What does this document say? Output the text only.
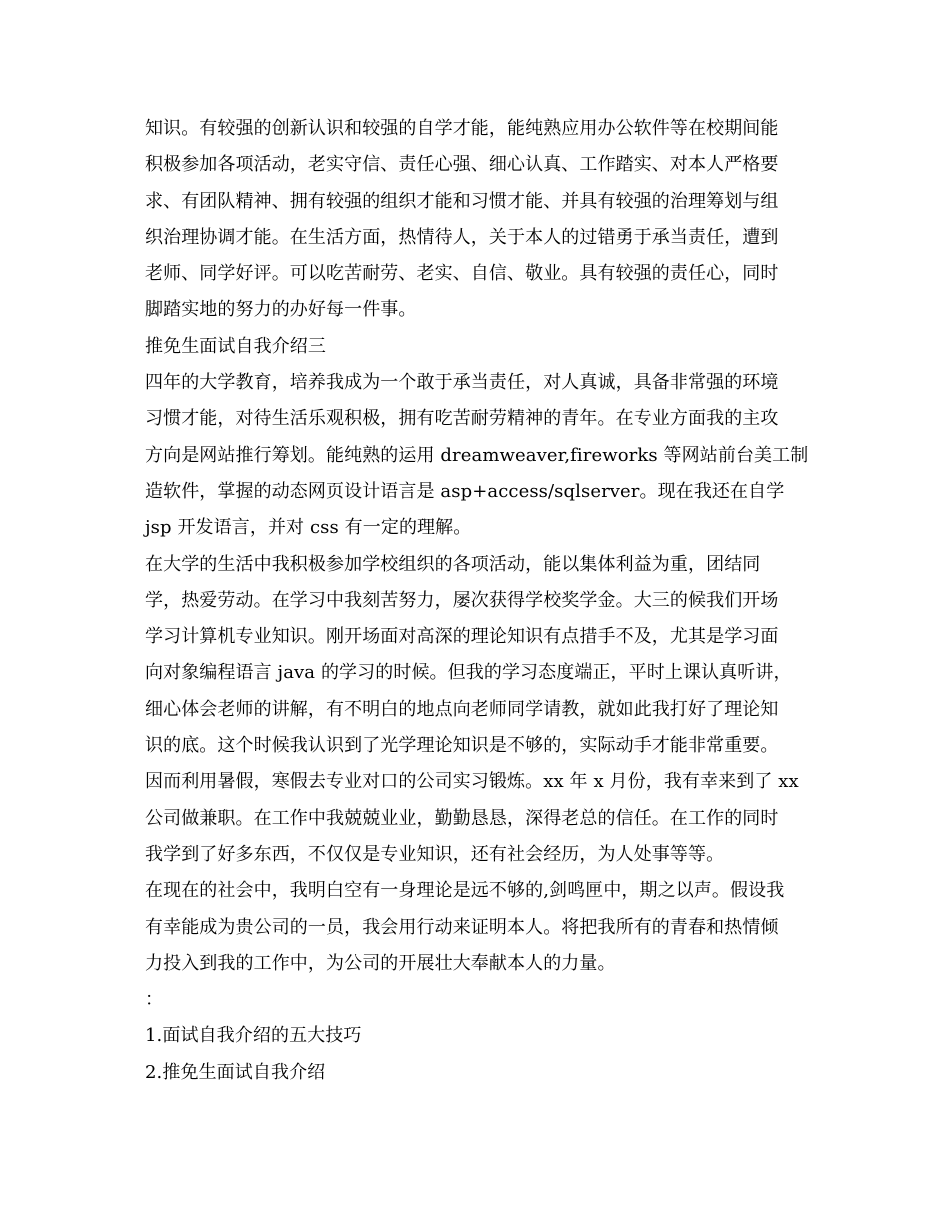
知识。有较强的创新认识和较强的自学才能，能纯熟应用办公软件等在校期间能
积极参加各项活动，老实守信、责任心强、细心认真、工作踏实、对本人严格要
求、有团队精神、拥有较强的组织才能和习惯才能、并具有较强的治理筹划与组
织治理协调才能。在生活方面，热情待人，关于本人的过错勇于承当责任，遭到
老师、同学好评。可以吃苦耐劳、老实、自信、敬业。具有较强的责任心，同时
脚踏实地的努力的办好每一件事。
推免生面试自我介绍三
四年的大学教育，培养我成为一个敢于承当责任，对人真诚，具备非常强的环境
习惯才能，对待生活乐观积极，拥有吃苦耐劳精神的青年。在专业方面我的主攻
方向是网站推行筹划。能纯熟的运用 dreamweaver,fireworks 等网站前台美工制
造软件，掌握的动态网页设计语言是 asp+access/sqlserver。现在我还在自学
jsp 开发语言，并对 css 有一定的理解。
在大学的生活中我积极参加学校组织的各项活动，能以集体利益为重，团结同
学，热爱劳动。在学习中我刻苦努力，屡次获得学校奖学金。大三的候我们开场
学习计算机专业知识。刚开场面对高深的理论知识有点措手不及，尤其是学习面
向对象编程语言 java 的学习的时候。但我的学习态度端正，平时上课认真听讲，
细心体会老师的讲解，有不明白的地点向老师同学请教，就如此我打好了理论知
识的底。这个时候我认识到了光学理论知识是不够的，实际动手才能非常重要。
因而利用暑假，寒假去专业对口的公司实习锻炼。xx 年 x 月份，我有幸来到了 xx
公司做兼职。在工作中我兢兢业业，勤勤恳恳，深得老总的信任。在工作的同时
我学到了好多东西，不仅仅是专业知识，还有社会经历，为人处事等等。
在现在的社会中，我明白空有一身理论是远不够的,剑鸣匣中，期之以声。假设我
有幸能成为贵公司的一员，我会用行动来证明本人。将把我所有的青春和热情倾
力投入到我的工作中，为公司的开展壮大奉献本人的力量。
：
1.面试自我介绍的五大技巧
2.推免生面试自我介绍
